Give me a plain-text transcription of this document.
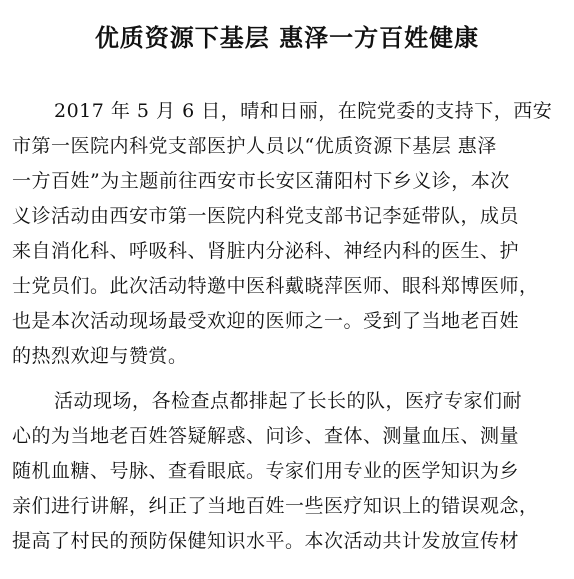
优质资源下基层 惠泽一方百姓健康
2017 年 5 月 6 日，晴和日丽，在院党委的支持下，西安
市第一医院内科党支部医护人员以“优质资源下基层 惠泽
一方百姓”为主题前往西安市长安区蒲阳村下乡义诊，本次
义诊活动由西安市第一医院内科党支部书记李延带队，成员
来自消化科、呼吸科、肾脏内分泌科、神经内科的医生、护
士党员们。此次活动特邀中医科戴晓萍医师、眼科郑博医师，
也是本次活动现场最受欢迎的医师之一。受到了当地老百姓
的热烈欢迎与赞赏。
活动现场，各检查点都排起了长长的队，医疗专家们耐
心的为当地老百姓答疑解惑、问诊、查体、测量血压、测量
随机血糖、号脉、查看眼底。专家们用专业的医学知识为乡
亲们进行讲解，纠正了当地百姓一些医疗知识上的错误观念，
提高了村民的预防保健知识水平。本次活动共计发放宣传材
